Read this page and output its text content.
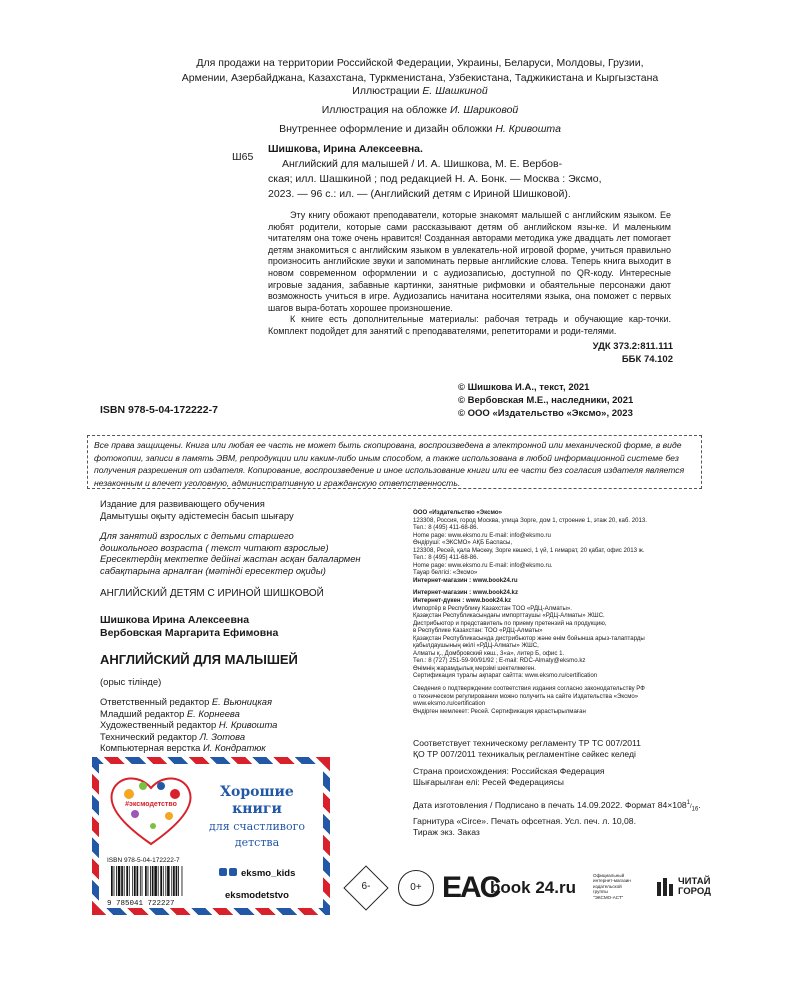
Для продажи на территории Российской Федерации, Украины, Беларуси, Молдовы, Грузии,
Армении, Азербайджана, Казахстана, Туркменистана, Узбекистана, Таджикистана и Кыргызстана
Иллюстрации Е. Шашкиной
Иллюстрация на обложке И. Шариковой
Внутреннее оформление и дизайн обложки Н. Кривошта
Ш65
Шишкова, Ирина Алексеевна.
Английский для малышей / И. А. Шишкова, М. Е. Вербов-
ская; илл. Шашкиной ; под редакцией Н. А. Бонк. — Москва : Эксмо,
2023. — 96 с.: ил. — (Английский детям с Ириной Шишковой).

Эту книгу обожают преподаватели, которые знакомят малышей с английским языком. Ее любят родители, которые сами рассказывают детям об английском язы-ке. И маленьким читателям она тоже очень нравится! Созданная авторами методика уже двадцать лет помогает детям знакомиться с английским языком в увлекатель-ной игровой форме, учиться правильно произносить английские звуки и запоминать первые английские слова. Теперь книга выходит в новом современном оформлении и с аудиозаписью, доступной по QR-коду. Интересные игровые задания, забавные картинки, занятные рифмовки и обаятельные персонажи дают возможность учиться в игре. Аудиозапись начитана носителями языка, она поможет с первых шагов выра-ботать хорошее произношение.

К книге есть дополнительные материалы: рабочая тетрадь и обучающие кар-точки. Комплект подойдет для занятий с преподавателями, репетиторами и роди-телями.

УДК 373.2:811.111
ББК 74.102
ISBN 978-5-04-172222-7
© Шишкова И.А., текст, 2021
© Вербовская М.Е., наследники, 2021
© ООО «Издательство «Эксмо», 2023
Все права защищены. Книга или любая ее часть не может быть скопирована, воспроизведена в электронной или механической форме, в виде фотокопии, записи в память ЭВМ, репродукции или каким-либо иным способом, а также использована в любой информационной системе без получения разрешения от издателя. Копирование, воспроизведение и иное использование книги или ее части без согласия издателя является незаконным и влечет уголовную, административную и гражданскую ответственность.
Издание для развивающего обучения
Дамытушы оқыту әдістемесін басып шығару
Для занятий взрослых с детьми старшего
дошкольного возраста ( текст читают взрослые)
Ересектердің мектепке дейінгі жастан асқан балалармен
сабақтарына арналған (мәтінді ересектер оқиды)
АНГЛИЙСКИЙ ДЕТЯМ С ИРИНОЙ ШИШКОВОЙ
Шишкова Ирина Алексеевна
Вербовская Маргарита Ефимовна
АНГЛИЙСКИЙ ДЛЯ МАЛЫШЕЙ
(орыс тілінде)
Ответственный редактор Е. Вьюницкая
Младший редактор Е. Корнеева
Художественный редактор Н. Кривошта
Технический редактор Л. Зотова
Компьютерная верстка И. Кондратюк
ООО «Издательство «Эксмо»
123308, Россия, город Москва, улица Зорге, дом 1, строение 1, этаж 20, каб. 2013.
Тел.: 8 (495) 411-68-86.
Home page: www.eksmo.ru E-mail: info@eksmo.ru
Өндіруші: «ЭКСМО» АҚБ Баспасы,
123308, Ресей, қала Мәскеу, Зорге көшесі, 1 үй, 1 ғимарат, 20 қабат, офис 2013 ж.
Тел.: 8 (495) 411-68-86.
Home page: www.eksmo.ru E-mail: info@eksmo.ru.
Тауар белгісі: «Эксмо»
Интернет-магазин : www.book24.ru
Интернет-магазин : www.book24.kz
Интернет-дүкен : www.book24.kz
Импортёр в Республику Казахстан ТОО «РДЦ-Алматы».
Қазақстан Республикасындағы импорттаушы «РДЦ-Алматы» ЖШС.
Дистрибьютор и представитель по приему претензий на продукцию,
в Республике Казахстан: ТОО «РДЦ-Алматы»
Қазақстан Республикасында дистрибьютор және өнім бойынша арыз-талаптарды
қабылдаушының өкілі «РДЦ-Алматы» ЖШС,
Алматы қ., Домбровский көш., 3«а», литер Б, офис 1.
Тел.: 8 (727) 251-59-90/91/92 ; E-mail: RDC-Almaty@eksmo.kz
Өнімнің жарамдылық мерзімі шектелмеген.
Сертификация туралы ақпарат сайтта: www.eksmo.ru/certification
Сведения о подтверждении соответствия издания согласно законодательству РФ
о техническом регулировании можно получить на сайте Издательства «Эксмо»
www.eksmo.ru/certification
Өндірген мемлекет: Ресей. Сертификация қарастырылмаған
Соответствует техническому регламенту ТР ТС 007/2011
ҚО ТР 007/2011 техникалық регламентіне сәйкес келеді
Страна происхождения: Российская Федерация
Шығарылған елі: Ресей Федерациясы
Дата изготовления / Подписано в печать 14.09.2022. Формат $84\times 108^1/_{16}$.
Гарнитура «Circe». Печать офсетная. Усл. печ. л. 10,08.
Тираж экз. Заказ
#эксмодетство
Хорошие
книги
для счастливого
детства
ISBN 978-5-04-172222-7
9 785041 722227
eksmo_kids
eksmodetstvo
6-	0+ EAC
book 24.ru
Официальный
интернет-магазин
издательской
группы
"ЭКСМО-АСТ"
ЧИТАЙ
ГОРОД
